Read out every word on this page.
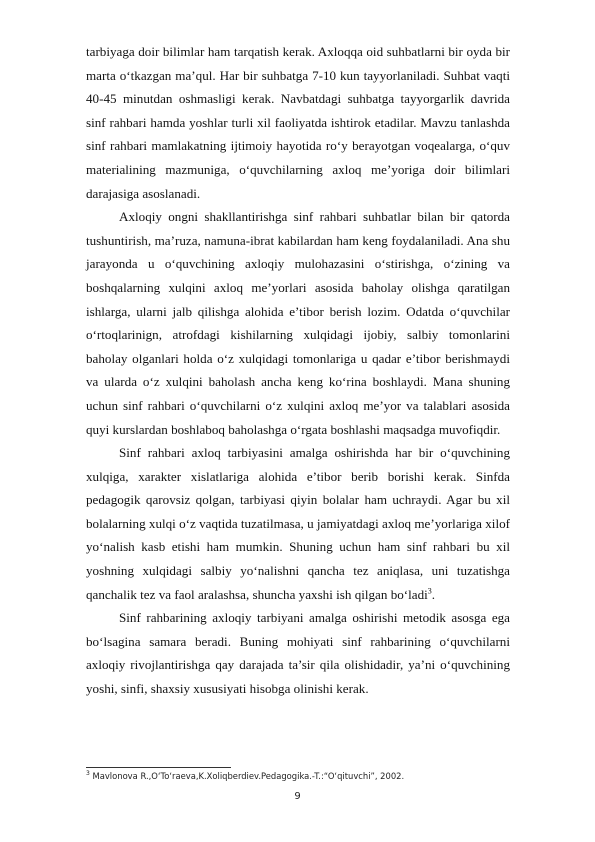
tarbiyaga doir bilimlar ham tarqatish kerak. Axloqqa oid suhbatlarni bir oyda bir marta o‘tkazgan ma’qul. Har bir suhbatga 7-10 kun tayyorlaniladi. Suhbat vaqti 40-45 minutdan oshmasligi kerak. Navbatdagi suhbatga tayyorgarlik davrida sinf rahbari hamda yoshlar turli xil faoliyatda ishtirok etadilar. Mavzu tanlashda sinf rahbari mamlakatning ijtimoiy hayotida ro‘y berayotgan voqealarga, o‘quv materialining mazmuniga, o‘quvchilarning axloq me’yoriga doir bilimlari darajasiga asoslanadi.

Axloqiy ongni shakllantirishga sinf rahbari suhbatlar bilan bir qatorda tushuntirish, ma’ruza, namuna-ibrat kabilardan ham keng foydalaniladi. Ana shu jarayonda u o‘quvchining axloqiy mulohazasini o‘stirishga, o‘zining va boshqalarning xulqini axloq me’yorlari asosida baholay olishga qaratilgan ishlarga, ularni jalb qilishga alohida e’tibor berish lozim. Odatda o‘quvchilar o‘rtoqlarinign, atrofdagi kishilarning xulqidagi ijobiy, salbiy tomonlarini baholay olganlari holda o‘z xulqidagi tomonlariga u qadar e’tibor berishmaydi va ularda o‘z xulqini baholash ancha keng ko‘rina boshlaydi. Mana shuning uchun sinf rahbari o‘quvchilarni o‘z xulqini axloq me’yor va talablari asosida quyi kurslardan boshlaboq baholashga o‘rgata boshlashi maqsadga muvofiqdir.

Sinf rahbari axloq tarbiyasini amalga oshirishda har bir o‘quvchining xulqiga, xarakter xislatlariga alohida e’tibor berib borishi kerak. Sinfda pedagogik qarovsiz qolgan, tarbiyasi qiyin bolalar ham uchraydi. Agar bu xil bolalarning xulqi o‘z vaqtida tuzatilmasa, u jamiyatdagi axloq me’yorlariga xilof yo‘nalish kasb etishi ham mumkin. Shuning uchun ham sinf rahbari bu xil yoshning xulqidagi salbiy yo‘nalishni qancha tez aniqlasa, uni tuzatishga qanchalik tez va faol aralashsa, shuncha yaxshi ish qilgan bo‘ladi$^3$.

Sinf rahbarining axloqiy tarbiyani amalga oshirishi metodik asosga ega bo‘lsagina samara beradi. Buning mohiyati sinf rahbarining o‘quvchilarni axloqiy rivojlantirishga qay darajada ta’sir qila olishidadir, ya’ni o‘quvchining yoshi, sinfi, shaxsiy xususiyati hisobga olinishi kerak.

$^3$ Mavlonova R.,O‘To‘raeva,K.Xoliqberdiev.Pedagogika.-T.:“O‘qituvchi”, 2002.
9
